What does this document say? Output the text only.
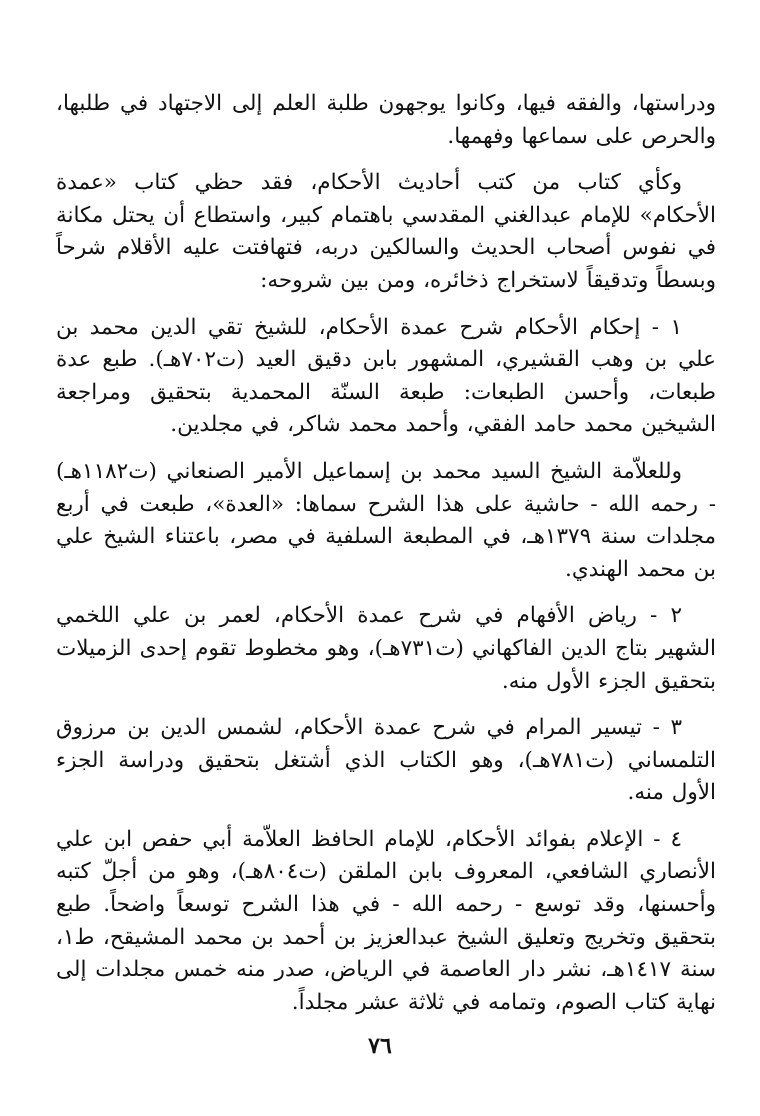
ودراستها، والفقه فيها، وكانوا يوجهون طلبة العلم إلى الاجتهاد في طلبها، والحرص على سماعها وفهمها.

وكأي كتاب من كتب أحاديث الأحكام، فقد حظي كتاب «عمدة الأحكام» للإمام عبدالغني المقدسي باهتمام كبير، واستطاع أن يحتل مكانة في نفوس أصحاب الحديث والسالكين دربه، فتهافتت عليه الأقلام شرحاً وبسطاً وتدقيقاً لاستخراج ذخائره، ومن بين شروحه:

١ - إحكام الأحكام شرح عمدة الأحكام، للشيخ تقي الدين محمد بن علي بن وهب القشيري، المشهور بابن دقيق العيد (ت٧٠٢هـ). طبع عدة طبعات، وأحسن الطبعات: طبعة السنّة المحمدية بتحقيق ومراجعة الشيخين محمد حامد الفقي، وأحمد محمد شاكر، في مجلدين.

وللعلاّمة الشيخ السيد محمد بن إسماعيل الأمير الصنعاني (ت١١٨٢هـ) - رحمه الله - حاشية على هذا الشرح سماها: «العدة»، طبعت في أربع مجلدات سنة ١٣٧٩هـ، في المطبعة السلفية في مصر، باعتناء الشيخ علي بن محمد الهندي.

٢ - رياض الأفهام في شرح عمدة الأحكام، لعمر بن علي اللخمي الشهير بتاج الدين الفاكهاني (ت٧٣١هـ)، وهو مخطوط تقوم إحدى الزميلات بتحقيق الجزء الأول منه.

٣ - تيسير المرام في شرح عمدة الأحكام، لشمس الدين بن مرزوق التلمساني (ت٧٨١هـ)، وهو الكتاب الذي أشتغل بتحقيق ودراسة الجزء الأول منه.

٤ - الإعلام بفوائد الأحكام، للإمام الحافظ العلاّمة أبي حفص ابن علي الأنصاري الشافعي، المعروف بابن الملقن (ت٨٠٤هـ)، وهو من أجلّ كتبه وأحسنها، وقد توسع - رحمه الله - في هذا الشرح توسعاً واضحاً. طبع بتحقيق وتخريج وتعليق الشيخ عبدالعزيز بن أحمد بن محمد المشيقح، ط١، سنة ١٤١٧هـ، نشر دار العاصمة في الرياض، صدر منه خمس مجلدات إلى نهاية كتاب الصوم، وتمامه في ثلاثة عشر مجلداً.

٧٦
